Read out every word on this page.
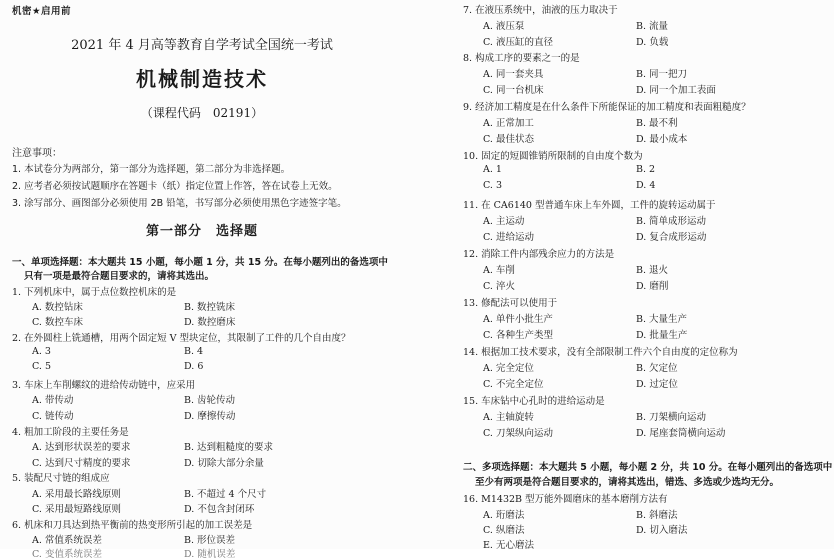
机密★启用前
2021 年 4 月高等教育自学考试全国统一考试
机械制造技术
（课程代码　02191）
注意事项：
1. 本试卷分为两部分，第一部分为选择题，第二部分为非选择题。
2. 应考者必须按试题顺序在答题卡（纸）指定位置上作答，答在试卷上无效。
3. 涂写部分、画图部分必须使用 2B 铅笔，书写部分必须使用黑色字迹签字笔。
第一部分 选择题
一、单项选择题：本大题共 15 小题，每小题 1 分，共 15 分。在每小题列出的备选项中
只有一项是最符合题目要求的，请将其选出。
1. 下列机床中，属于点位数控机床的是
A. 数控钻床	B. 数控铣床
C. 数控车床	D. 数控磨床
2. 在外圆柱上铣通槽，用两个固定短 V 型块定位，其限制了工件的几个自由度？
A. 3	B. 4
C. 5	D. 6
3. 车床上车削螺纹的进给传动链中，应采用
A. 带传动	B. 齿轮传动
C. 链传动	D. 摩擦传动
4. 粗加工阶段的主要任务是
A. 达到形状误差的要求	B. 达到粗糙度的要求
C. 达到尺寸精度的要求	D. 切除大部分余量
5. 装配尺寸链的组成应
A. 采用最长路线原则	B. 不超过 4 个尺寸
C. 采用最短路线原则	D. 不包含封闭环
6. 机床和刀具达到热平衡前的热变形所引起的加工误差是
A. 常值系统误差	B. 形位误差
C. 变值系统误差	D. 随机误差
7. 在液压系统中，油液的压力取决于
A. 液压泵	B. 流量
C. 液压缸的直径	D. 负载
8. 构成工序的要素之一的是
A. 同一套夹具	B. 同一把刀
C. 同一台机床	D. 同一个加工表面
9. 经济加工精度是在什么条件下所能保证的加工精度和表面粗糙度？
A. 正常加工	B. 最不利
C. 最佳状态	D. 最小成本
10. 固定的短圆锥销所限制的自由度个数为
A. 1	B. 2
C. 3	D. 4
11. 在 CA6140 型普通车床上车外圆，工件的旋转运动属于
A. 主运动	B. 简单成形运动
C. 进给运动	D. 复合成形运动
12. 消除工件内部残余应力的方法是
A. 车削	B. 退火
C. 淬火	D. 磨削
13. 修配法可以使用于
A. 单件小批生产	B. 大量生产
C. 各种生产类型	D. 批量生产
14. 根据加工技术要求，没有全部限制工件六个自由度的定位称为
A. 完全定位	B. 欠定位
C. 不完全定位	D. 过定位
15. 车床钻中心孔时的进给运动是
A. 主轴旋转	B. 刀架横向运动
C. 刀架纵向运动	D. 尾座套筒横向运动
二、多项选择题：本大题共 5 小题，每小题 2 分，共 10 分。在每小题列出的备选项中
至少有两项是符合题目要求的，请将其选出，错选、多选或少选均无分。
16. M1432B 型万能外圆磨床的基本磨削方法有
A. 珩磨法	B. 斜磨法
C. 纵磨法	D. 切入磨法
E. 无心磨法
